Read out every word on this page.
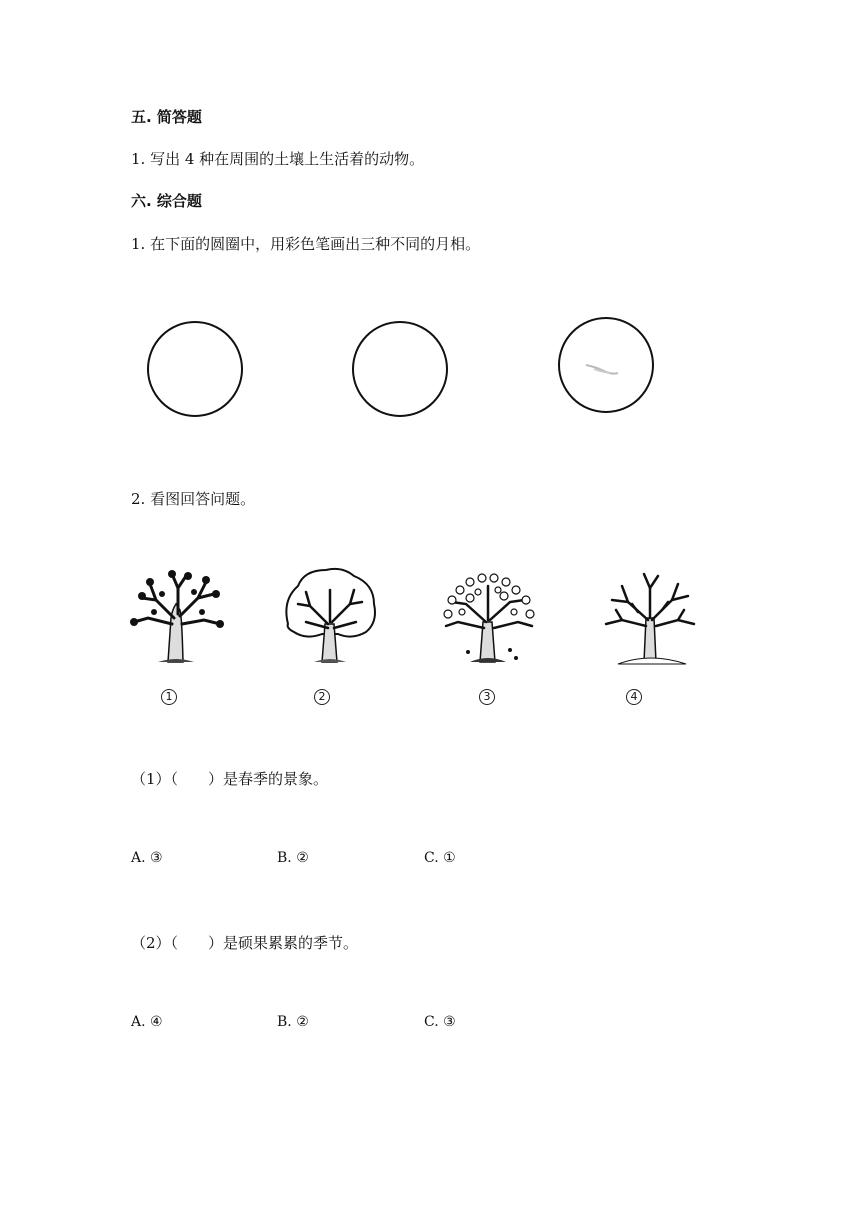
五. 简答题
1. 写出 4 种在周围的土壤上生活着的动物。
六. 综合题
1. 在下面的圆圈中，用彩色笔画出三种不同的月相。
2. 看图回答问题。
1	2	3	4
（1）（　　）是春季的景象。
A. ③	B. ②	C. ①
（2）（　　）是硕果累累的季节。
A. ④	B. ②	C. ③
